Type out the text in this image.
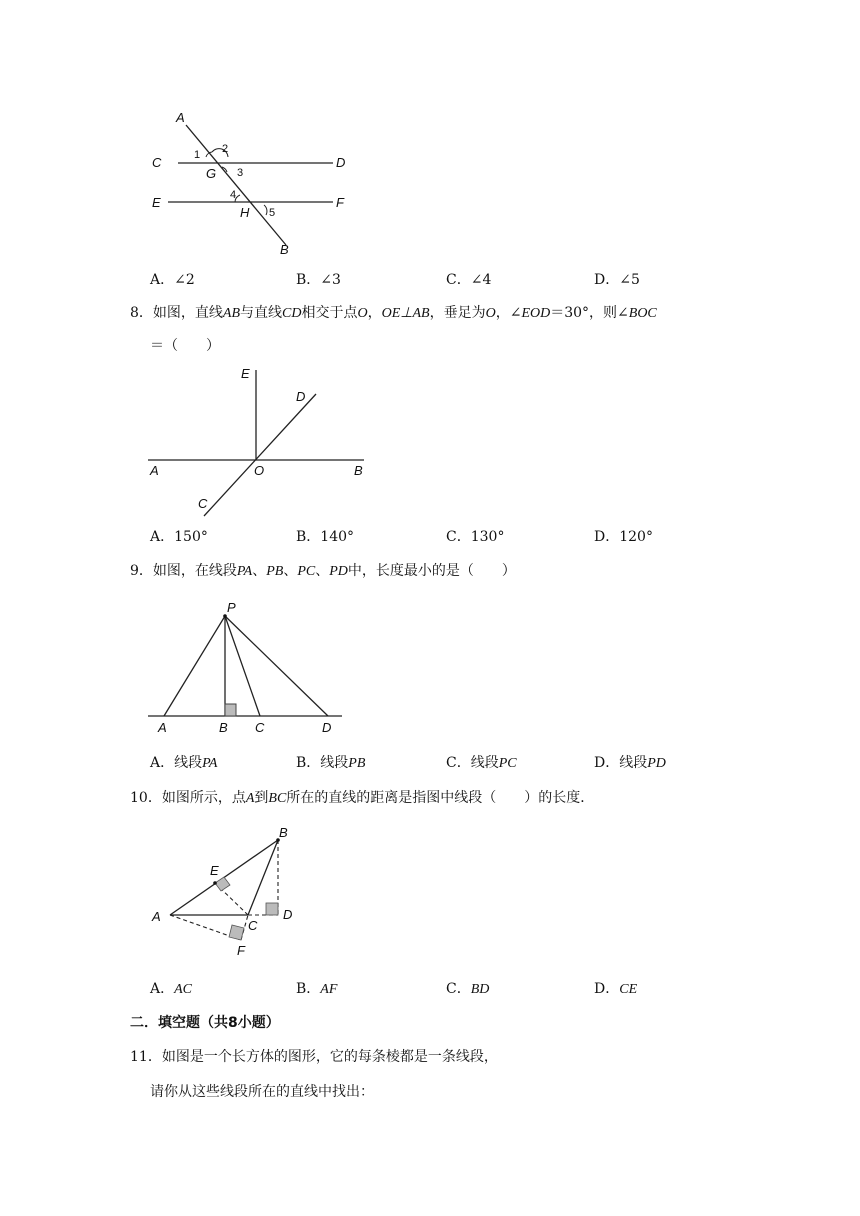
A
C	D
E	F
G
H
B
1 2
3
4
5
A．∠2	B．∠3	C．∠4	D．∠5
8．如图，直线AB与直线CD相交于点O，OE⊥AB，垂足为O，∠EOD＝30°，则∠BOC
＝（　　）
E
D
A	O	B
C
A．150°	B．140°	C．130°	D．120°
9．如图，在线段PA、PB、PC、PD中，长度最小的是（　　）
P
A	B C	D
A．线段PA	B．线段PB	C．线段PC	D．线段PD
10．如图所示，点A到BC所在的直线的距离是指图中线段（　　）的长度．
B
E
A	D
C
F
A．AC	B．AF	C．BD	D．CE
二．填空题（共8小题）
11．如图是一个长方体的图形，它的每条棱都是一条线段，
请你从这些线段所在的直线中找出：
